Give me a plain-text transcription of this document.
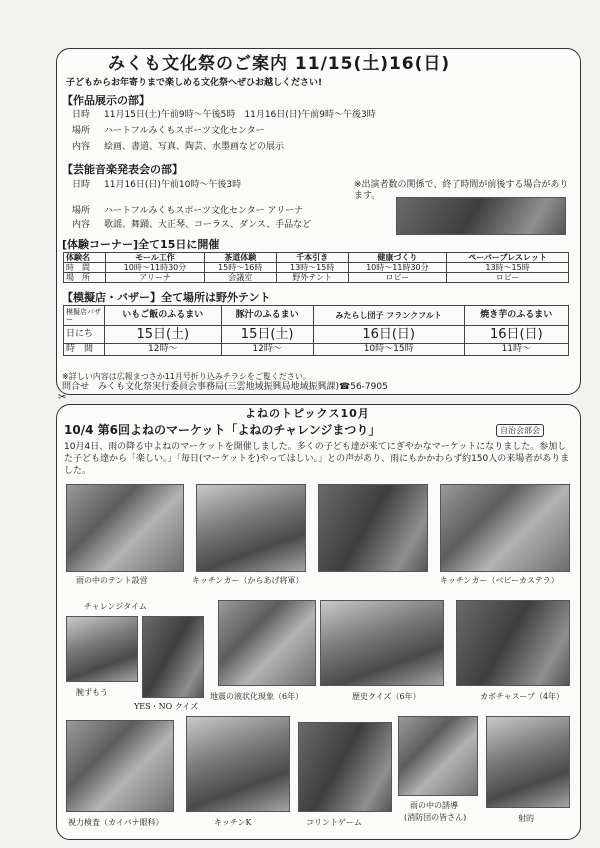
✂
みくも文化祭のご案内 11/15(土)16(日)
子どもからお年寄りまで楽しめる文化祭へぜひお越しください!
【作品展示の部】
日時 11月15日(土)午前9時～午後5時　11月16日(日)午前9時～午後3時
場所 ハートフルみくもスポーツ文化センター
内容 絵画、書道、写真、陶芸、水墨画などの展示
【芸能音楽発表会の部】
日時 11月16日(日)午前10時～午後3時	※出演者数の関係で、終了時間が前後する場合があります。
場所 ハートフルみくもスポーツ文化センター アリーナ
内容 歌謡、舞踊、大正琴、コーラス、ダンス、手品など
[体験コーナー]全て15日に開催
体験名	モール工作	茶道体験	千本引き	健康づくり	ペーパーブレスレット
時　間	10時～11時30分	15時～16時	13時～15時	10時～11時30分	13時～15時
場　所	アリーナ	会議室	野外テント	ロビー	ロビー
【模擬店・バザー】全て場所は野外テント
模擬店バザー	いもご飯のふるまい	豚汁のふるまい	みたらし団子 フランクフルト	焼き芋のふるまい
日にち	15日(土)	15日(土)	16日(日)	16日(日)
時　間	12時～	12時～	10時～15時	11時～
※詳しい内容は広報まつさか11月号折り込みチラシをご覧ください。
問合せ　みくも文化祭実行委員会事務局(三雲地域振興局地域振興課)☎56-7905
よねのトピックス10月
10/4 第6回よねのマーケット「よねのチャレンジまつり」	自治会部会
10月4日、雨の降る中よねのマーケットを開催しました。多くの子ども達が来てにぎやかなマーケットになりました。参加した子ども達から「楽しい。」「毎日(マーケットを)やってほしい。」との声があり、雨にもかかわらず約150人の来場者がありました。
雨の中のテント設営	キッチンカー（からあげ将軍）	キッチンカー（ベビーカステラ）
チャレンジタイム
腕ずもう
YES・NO クイズ
地震の液状化現象（6年）	歴史クイズ（6年）	カボチャスープ（4年）
視力検査（カイパナ眼科）	キッチンK	コリントゲーム
雨の中の誘導
(消防団の皆さん)	射的
